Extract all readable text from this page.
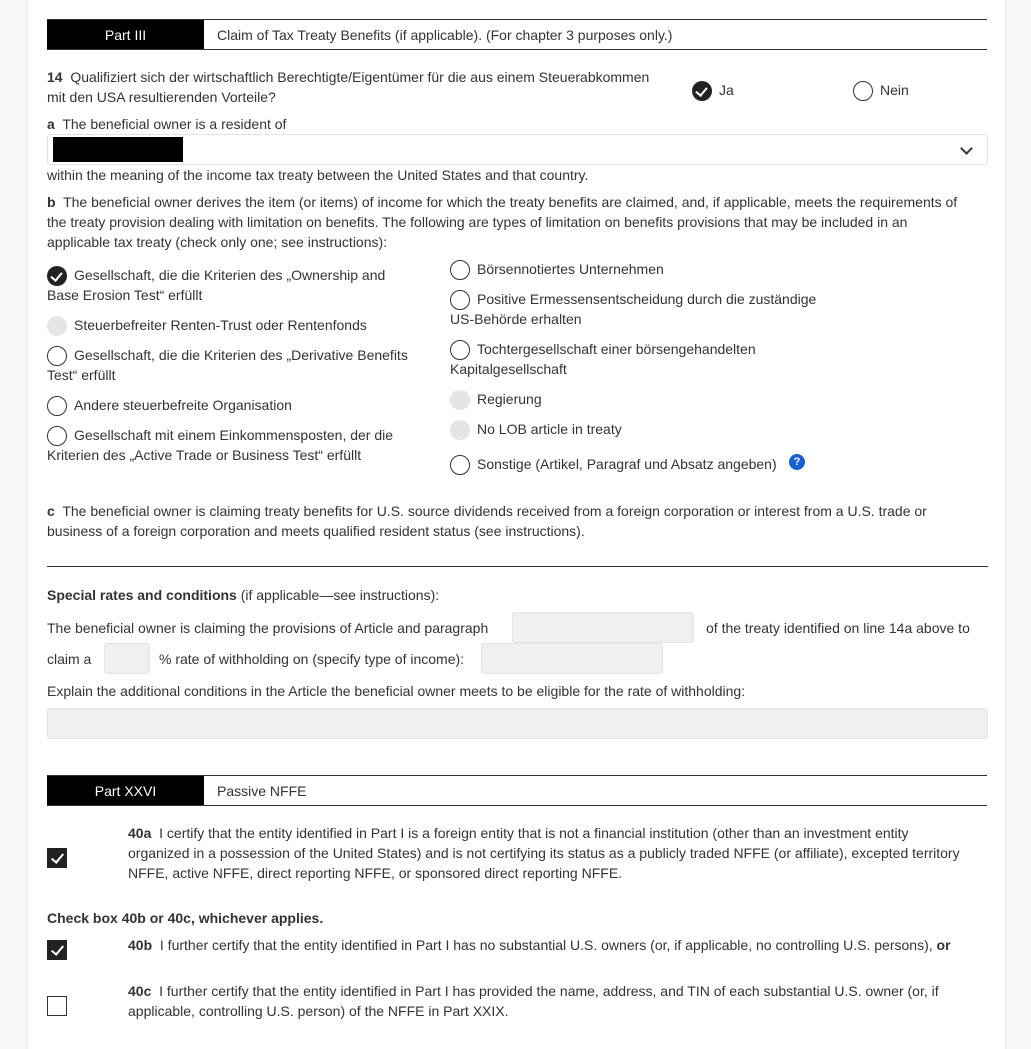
Part III	Claim of Tax Treaty Benefits (if applicable). (For chapter 3 purposes only.)
14 Qualifiziert sich der wirtschaftlich Berechtigte/Eigentümer für die aus einem Steuerabkommen
mit den USA resultierenden Vorteile?	Ja	Nein
a The beneficial owner is a resident of
within the meaning of the income tax treaty between the United States and that country.
b The beneficial owner derives the item (or items) of income for which the treaty benefits are claimed, and, if applicable, meets the requirements of
the treaty provision dealing with limitation on benefits. The following are types of limitation on benefits provisions that may be included in an
applicable tax treaty (check only one; see instructions):
Gesellschaft, die die Kriterien des „Ownership and
Base Erosion Test“ erfüllt
Steuerbefreiter Renten-Trust oder Rentenfonds
Gesellschaft, die die Kriterien des „Derivative Benefits
Test“ erfüllt
Andere steuerbefreite Organisation
Gesellschaft mit einem Einkommensposten, der die
Kriterien des „Active Trade or Business Test“ erfüllt
Börsennotiertes Unternehmen
Positive Ermessensentscheidung durch die zuständige
US-Behörde erhalten
Tochtergesellschaft einer börsengehandelten
Kapitalgesellschaft
Regierung
No LOB article in treaty
Sonstige (Artikel, Paragraf und Absatz angeben)	?
c The beneficial owner is claiming treaty benefits for U.S. source dividends received from a foreign corporation or interest from a U.S. trade or
business of a foreign corporation and meets qualified resident status (see instructions).
Special rates and conditions (if applicable—see instructions):
The beneficial owner is claiming the provisions of Article and paragraph	of the treaty identified on line 14a above to
claim a	% rate of withholding on (specify type of income):
Explain the additional conditions in the Article the beneficial owner meets to be eligible for the rate of withholding:
Part XXVI	Passive NFFE
40a I certify that the entity identified in Part I is a foreign entity that is not a financial institution (other than an investment entity
organized in a possession of the United States) and is not certifying its status as a publicly traded NFFE (or affiliate), excepted territory
NFFE, active NFFE, direct reporting NFFE, or sponsored direct reporting NFFE.
Check box 40b or 40c, whichever applies.
40b I further certify that the entity identified in Part I has no substantial U.S. owners (or, if applicable, no controlling U.S. persons), or
40c I further certify that the entity identified in Part I has provided the name, address, and TIN of each substantial U.S. owner (or, if
applicable, controlling U.S. person) of the NFFE in Part XXIX.
